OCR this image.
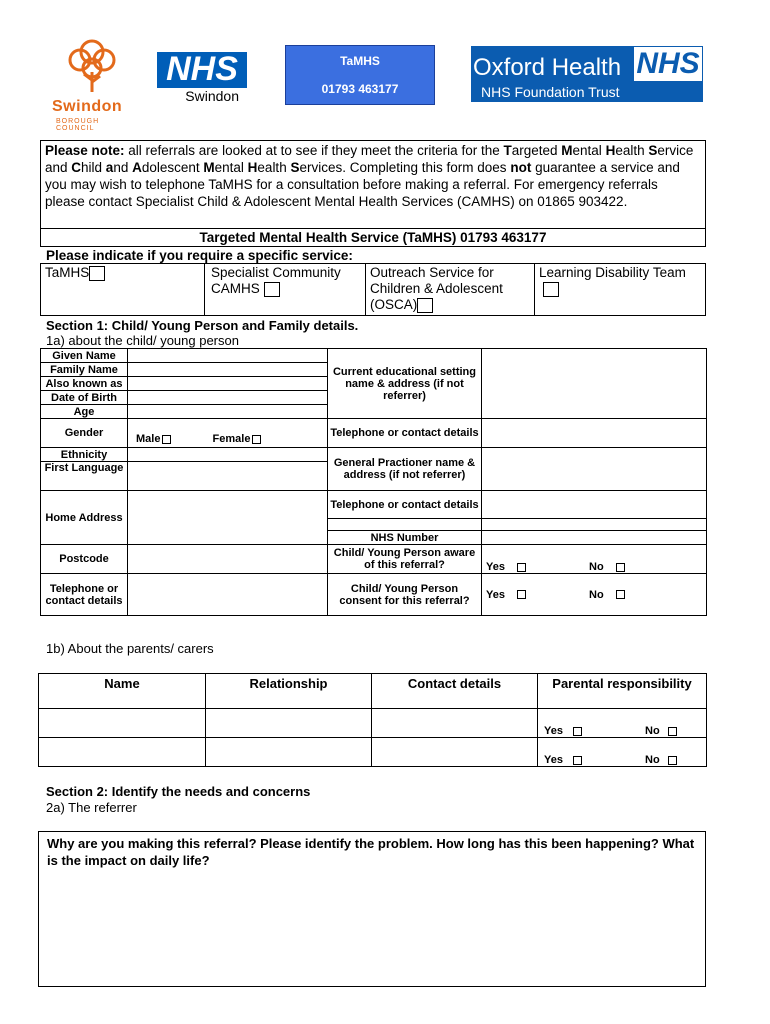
Swindon
BOROUGH COUNCIL
NHS
Swindon
TaMHS
01793 463177
Oxford Health NHS
NHS Foundation Trust
Please note: all referrals are looked at to see if they meet the criteria for the Targeted Mental Health Service and Child and Adolescent Mental Health Services. Completing this form does not guarantee a service and you may wish to telephone TaMHS for a consultation before making a referral. For emergency referrals please contact Specialist Child & Adolescent Mental Health Services (CAMHS) on 01865 903422.
Targeted Mental Health Service (TaMHS) 01793 463177
Please indicate if you require a specific service:
TaMHS	Specialist Community CAMHS	Outreach Service for Children & Adolescent (OSCA)	Learning Disability Team
Section 1: Child/ Young Person and Family details.
1a) about the child/ young person
Given Name		Current educational setting name & address (if not referrer)	
Family Name			
Also known as			
Date of Birth			
Age			
Gender	Male Female	Telephone or contact details	
Ethnicity		General Practioner name & address (if not referrer)	
First Language			
Home Address		Telephone or contact details	

		NHS Number	
Postcode		Child/ Young Person aware of this referral?	Yes No
Telephone or contact details		Child/ Young Person consent for this referral?	Yes No
1b) About the parents/ carers
Name	Relationship	Contact details	Parental responsibility
			Yes No
			Yes No
Section 2: Identify the needs and concerns
2a) The referrer
Why are you making this referral? Please identify the problem. How long has this been happening? What is the impact on daily life?
